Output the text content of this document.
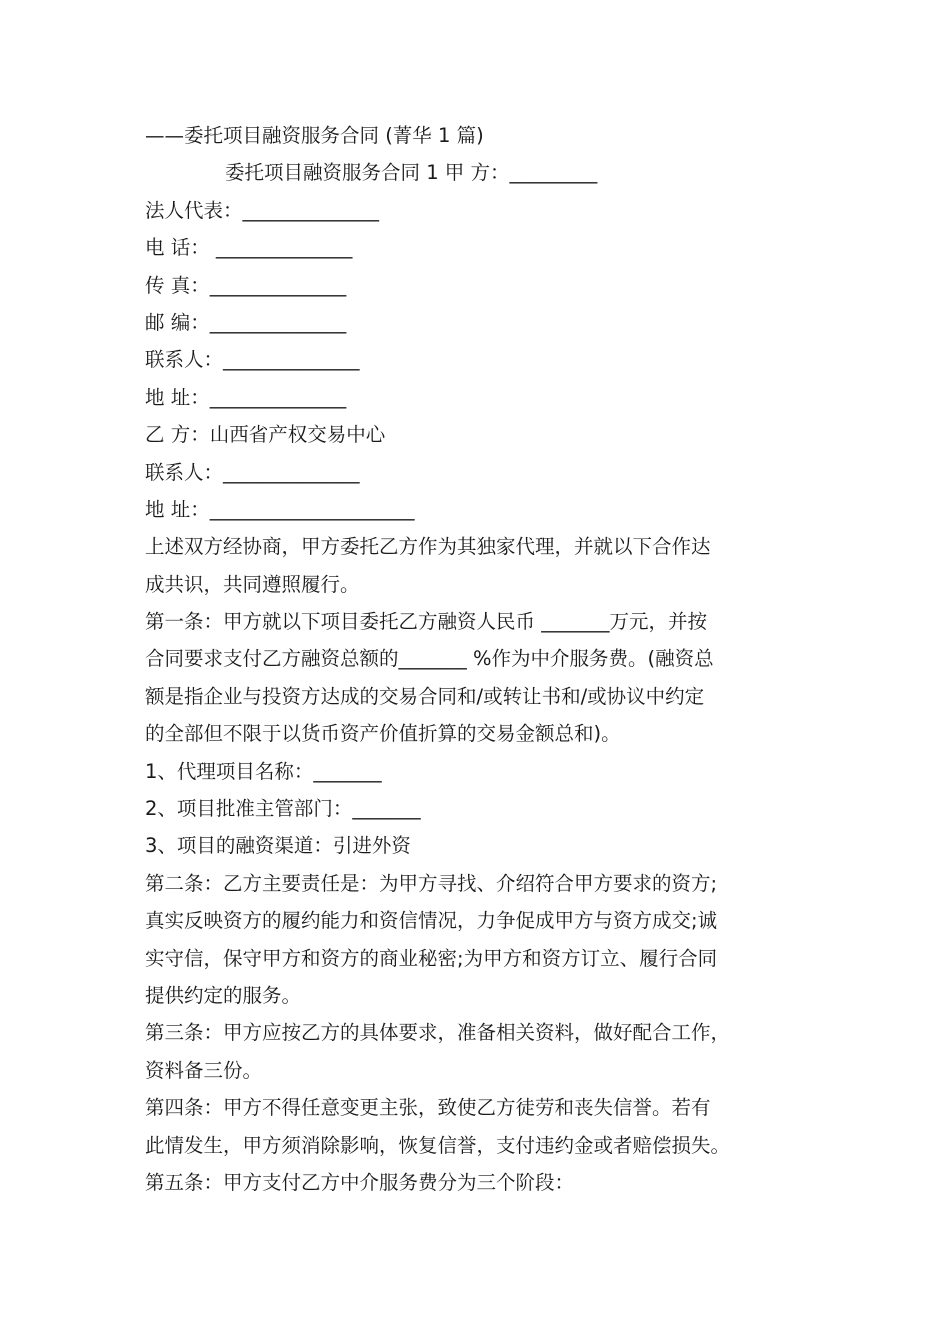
——委托项目融资服务合同 (菁华 1 篇)
委托项目融资服务合同 1 甲 方：_________
法人代表：______________
电 话： ______________
传 真：______________
邮 编：______________
联系人：______________
地 址：______________
乙 方：山西省产权交易中心
联系人：______________
地 址：_____________________
上述双方经协商，甲方委托乙方作为其独家代理，并就以下合作达
成共识，共同遵照履行。
第一条：甲方就以下项目委托乙方融资人民币 _______万元，并按
合同要求支付乙方融资总额的_______ %作为中介服务费。(融资总
额是指企业与投资方达成的交易合同和/或转让书和/或协议中约定
的全部但不限于以货币资产价值折算的交易金额总和)。
1、代理项目名称：_______
2、项目批准主管部门：_______
3、项目的融资渠道：引进外资
第二条：乙方主要责任是：为甲方寻找、介绍符合甲方要求的资方;
真实反映资方的履约能力和资信情况，力争促成甲方与资方成交;诚
实守信，保守甲方和资方的商业秘密;为甲方和资方订立、履行合同
提供约定的服务。
第三条：甲方应按乙方的具体要求，准备相关资料，做好配合工作，
资料备三份。
第四条：甲方不得任意变更主张，致使乙方徒劳和丧失信誉。若有
此情发生，甲方须消除影响，恢复信誉，支付违约金或者赔偿损失。
第五条：甲方支付乙方中介服务费分为三个阶段：
